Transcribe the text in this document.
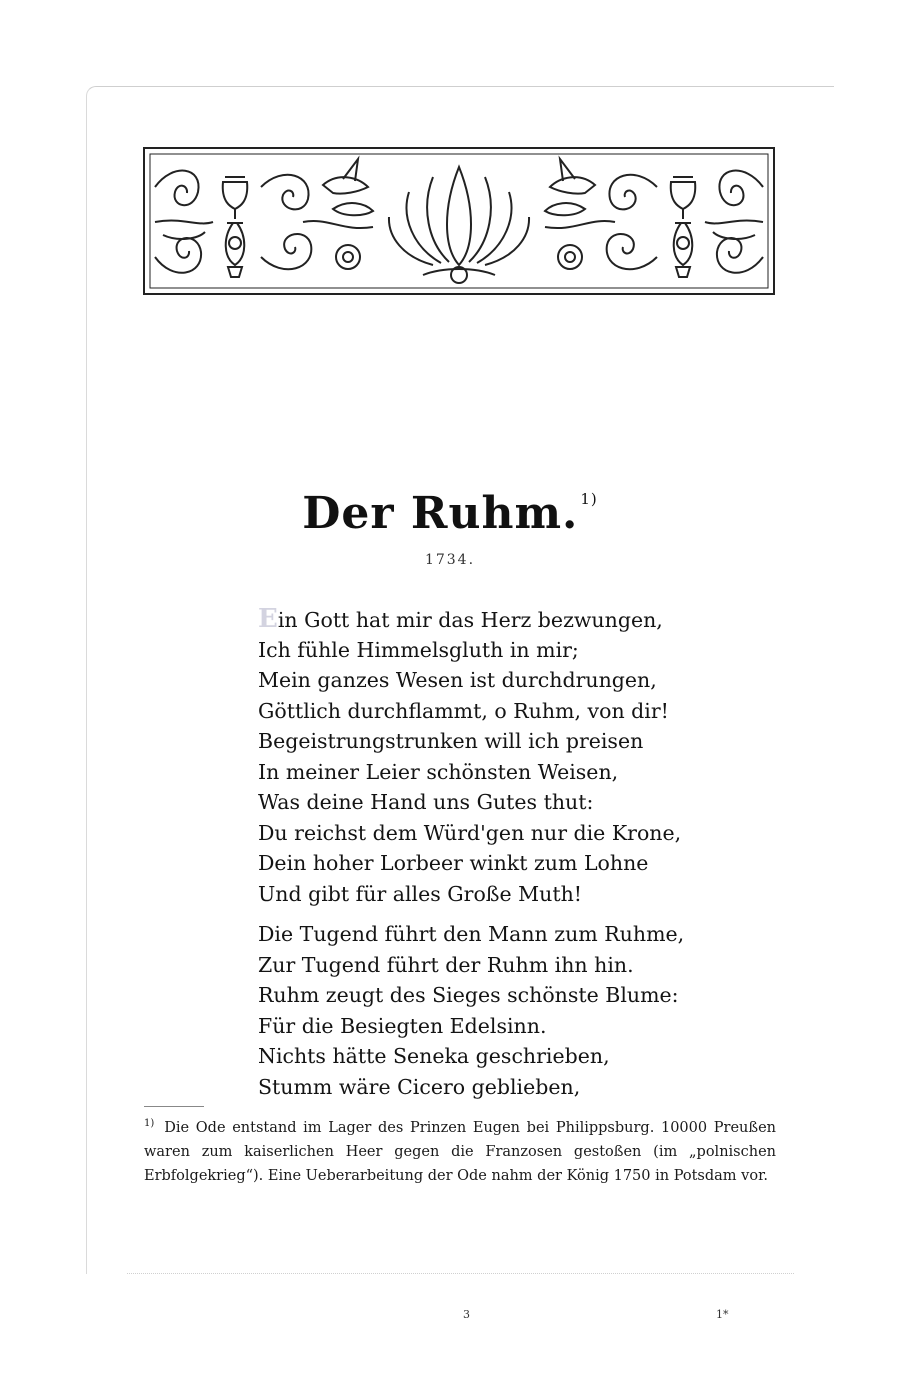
Der Ruhm. $^{1)}$
1734.
Ein Gott hat mir das Herz bezwungen,
Ich fühle Himmelsgluth in mir;
Mein ganzes Wesen ist durchdrungen,
Göttlich durchflammt, o Ruhm, von dir!
Begeistrungstrunken will ich preisen
In meiner Leier schönsten Weisen,
Was deine Hand uns Gutes thut:
Du reichst dem Würd'gen nur die Krone,
Dein hoher Lorbeer winkt zum Lohne
Und gibt für alles Große Muth!
Die Tugend führt den Mann zum Ruhme,
Zur Tugend führt der Ruhm ihn hin.
Ruhm zeugt des Sieges schönste Blume:
Für die Besiegten Edelsinn.
Nichts hätte Seneka geschrieben,
Stumm wäre Cicero geblieben,
$^{1)}$ Die Ode entstand im Lager des Prinzen Eugen bei Philippsburg. 10000 Preußen waren zum kaiserlichen Heer gegen die Franzosen gestoßen (im „polnischen Erbfolgekrieg“). Eine Ueberarbeitung der Ode nahm der König 1750 in Potsdam vor.
3	1*
